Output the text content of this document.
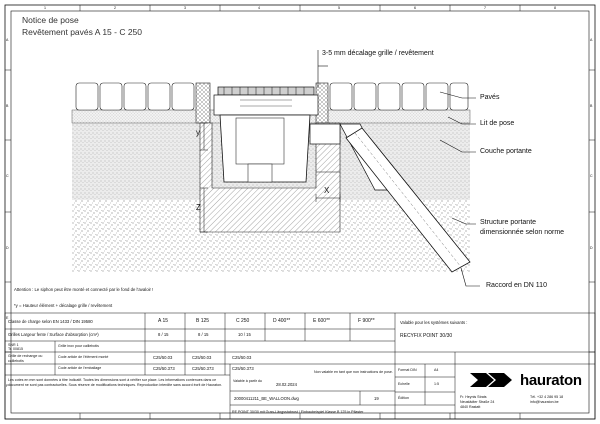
Notice de pose
Revêtement pavés A 15 - C 250
1	2	3	4	5	6	7	8
A
B
C
D
E
F
A
B
C
D
3-5 mm décalage grille / revêtement
Pavés
Lit de pose
Couche portante
Structure portante
dimensionnée selon norme
Raccord en DN 110
y
Z
X
Attention : Le siphon peut être monté et connecté par le fond de l'avaloir !
*y = Hauteur élément + décalage grille / revêtement
Classe de charge selon EN 1433 / DIN 19580	A 15	B 125	C 250	D 400**	E 600**	F 900**
Grilles Largeur fente / Surface d'absorption (cm²)	8 / 15	8 / 15	10 / 15
SNR 1
Tr. 00815
Grille inox pour caillebotis
Grille de rechange ou caillebotis
Code article de l'élément monté	C25/50.03	C25/50.03	C25/50.03
Code article de l'emballage	C25/50.373	C25/50.373	C25/50.373
Les cotes en mm sont données à titre indicatif. Toutes les dimensions sont à vérifier sur place. Les informations contenues dans ce document ne sont pas contractuelles. Sous réserve de modifications techniques. Reproduction interdite sans accord écrit de Hauraton.
Valable pour les systèmes suivants :
RECYFIX POINT 30/30
Valable à partir du
28.02.2024
Non valable en tant que non instructions de pose.
20000411211_BE_WALLOON.dwg	19
RE POINT 30/30 mit Guss-Längsstabrost / Einbaubeispiel Klasse B 125 in Pflaster
Format DIN	A4
Echelle	1:5
Édition
hauraton
Fr. Heynis Strats
Neustädter Straße 24
4840 Rastatt
Tél. +32 4 286 95 18
info@hauraton.be
